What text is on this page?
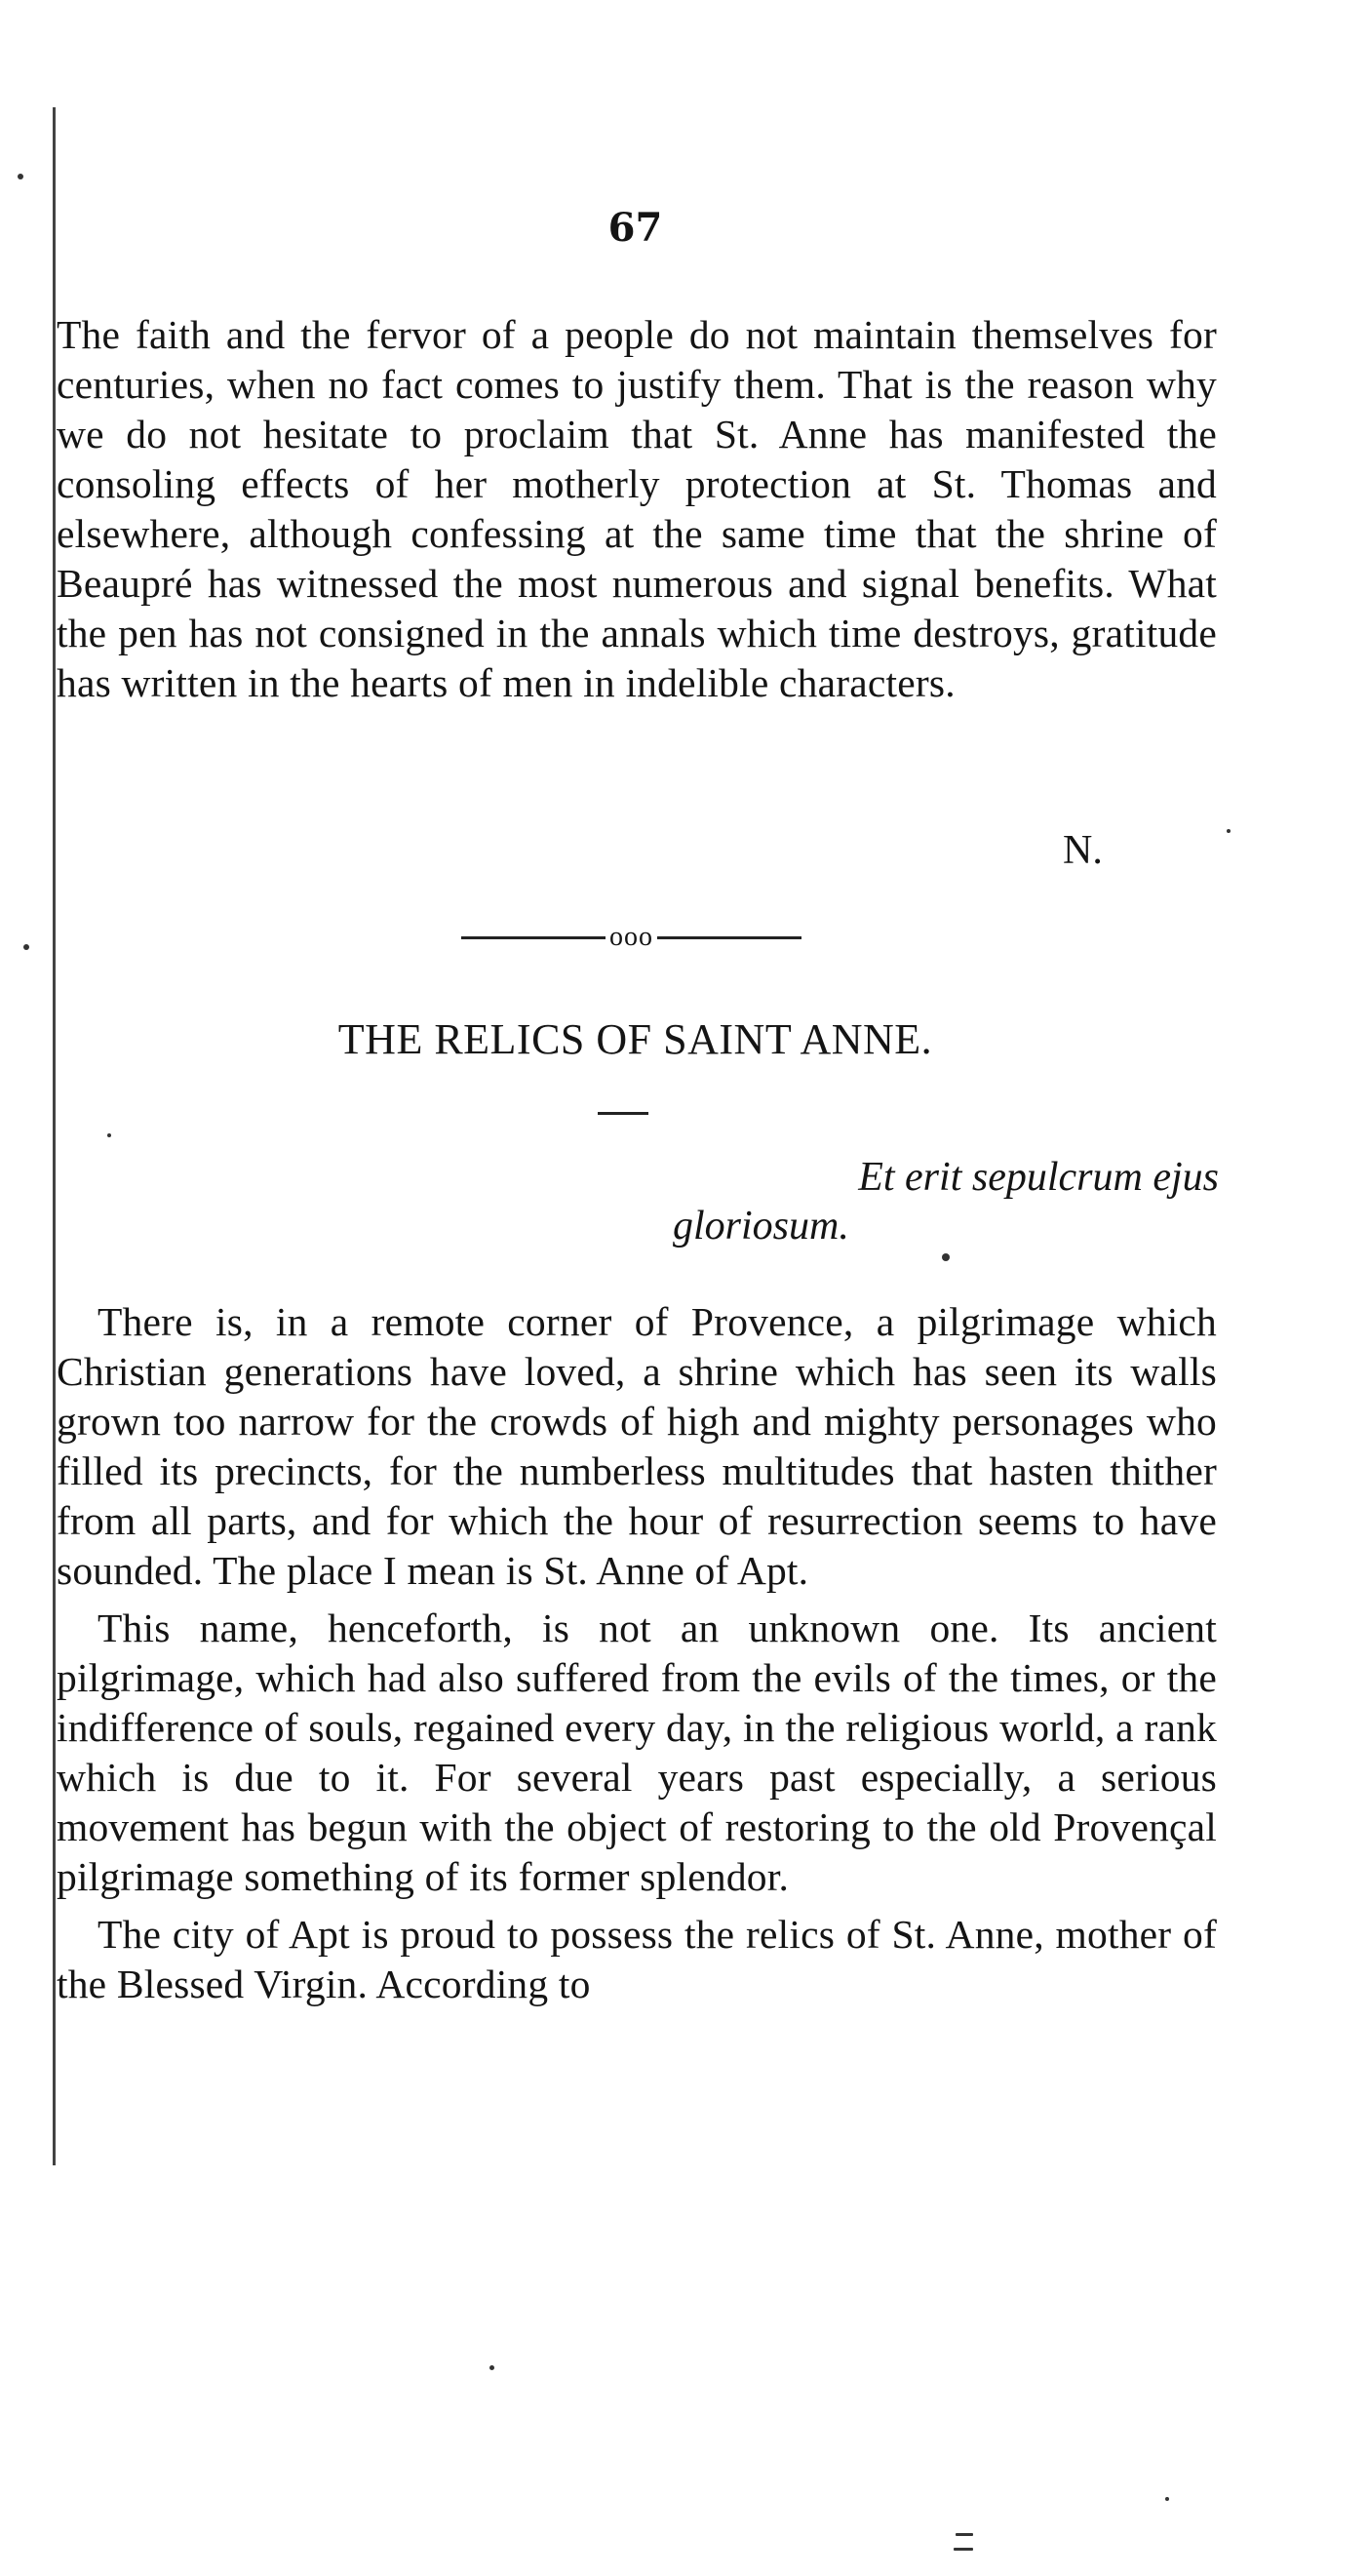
67

The faith and the fervor of a people do not maintain themselves for centuries, when no fact comes to justify them. That is the reason why we do not hesitate to proclaim that St. Anne has manifested the consoling effects of her motherly protection at St. Thomas and elsewhere, although confessing at the same time that the shrine of Beaupré has witnessed the most numerous and signal benefits. What the pen has not consigned in the annals which time destroys, gratitude has written in the hearts of men in indelible characters.

N.
ooo
THE RELICS OF SAINT ANNE.
Et erit sepulcrum ejus
gloriosum.

There is, in a remote corner of Provence, a pilgrimage which Christian generations have loved, a shrine which has seen its walls grown too narrow for the crowds of high and mighty personages who filled its precincts, for the numberless multitudes that hasten thither from all parts, and for which the hour of resurrection seems to have sounded. The place I mean is St. Anne of Apt.

This name, henceforth, is not an unknown one. Its ancient pilgrimage, which had also suffered from the evils of the times, or the indifference of souls, regained every day, in the religious world, a rank which is due to it. For several years past especially, a serious movement has begun with the object of restoring to the old Provençal pilgrimage something of its former splendor.

The city of Apt is proud to possess the relics of St. Anne, mother of the Blessed Virgin. According to
